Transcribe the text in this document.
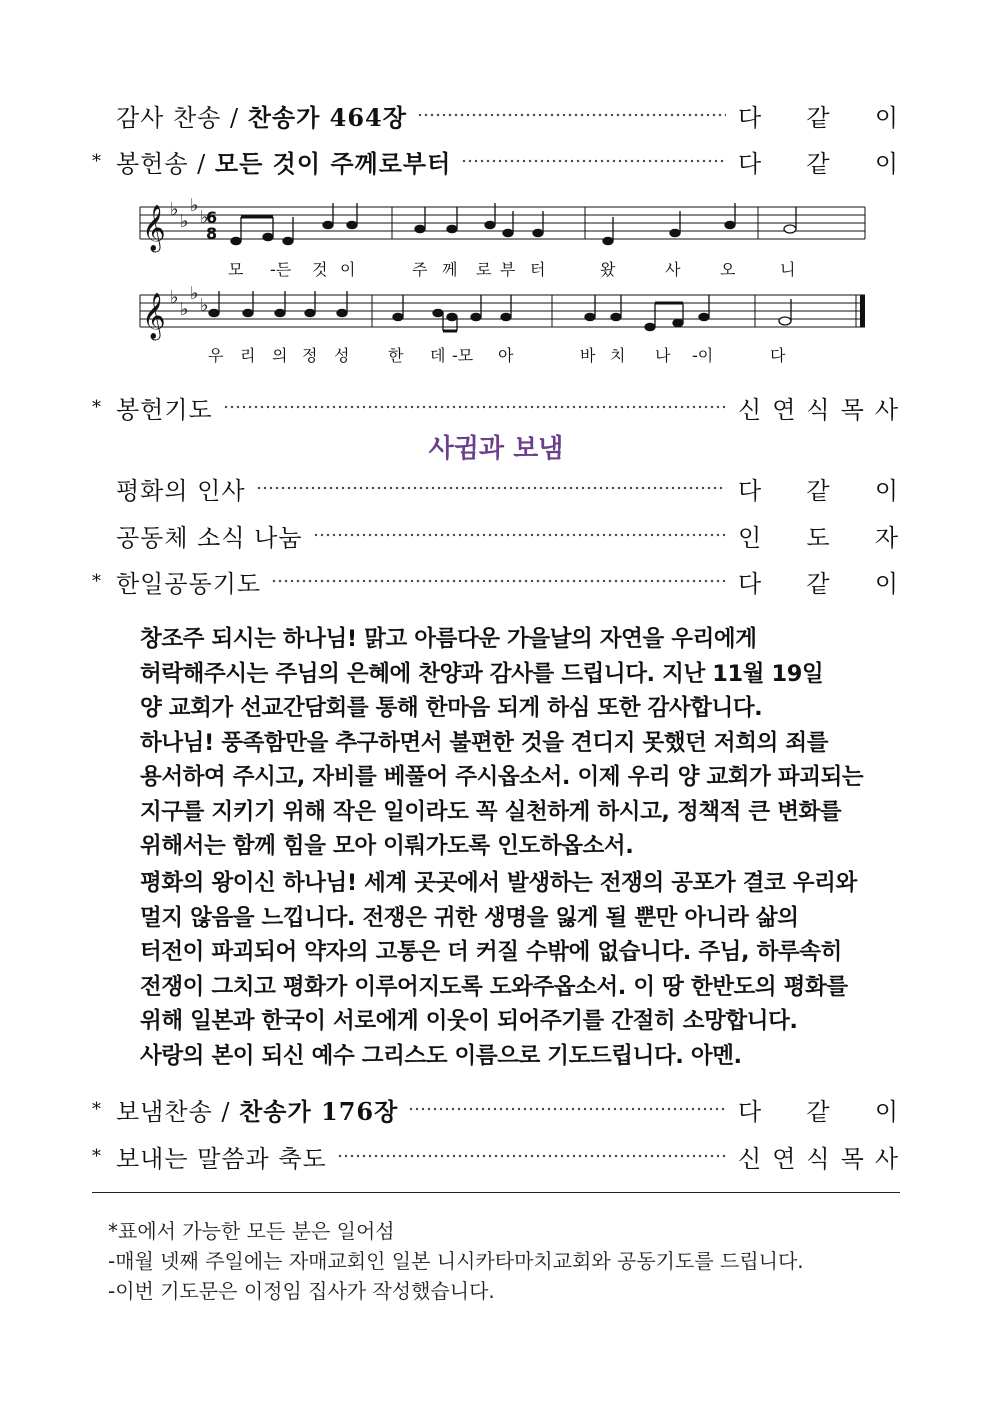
감사 찬송 / 찬송가 464장	다 같 이
* 봉헌송 / 모든 것이 주께로부터	다 같 이
𝄞
𝄞
♭
♭
♭
♭
♭
♭
♭
♭
6
8
모 -든 것 이	주 께 로 부 터	왔	사 오	니
우 리 의 정 성 한 데 -모 아	바 치 나 -이	다
* 봉헌기도	신 연 식 목 사
사귐과 보냄
평화의 인사	다 같 이
공동체 소식 나눔	인 도 자
* 한일공동기도	다 같 이
창조주 되시는 하나님! 맑고 아름다운 가을날의 자연을 우리에게
허락해주시는 주님의 은혜에 찬양과 감사를 드립니다. 지난 11월 19일
양 교회가 선교간담회를 통해 한마음 되게 하심 또한 감사합니다.
하나님! 풍족함만을 추구하면서 불편한 것을 견디지 못했던 저희의 죄를
용서하여 주시고, 자비를 베풀어 주시옵소서. 이제 우리 양 교회가 파괴되는
지구를 지키기 위해 작은 일이라도 꼭 실천하게 하시고, 정책적 큰 변화를
위해서는 함께 힘을 모아 이뤄가도록 인도하옵소서.
평화의 왕이신 하나님! 세계 곳곳에서 발생하는 전쟁의 공포가 결코 우리와
멀지 않음을 느낍니다. 전쟁은 귀한 생명을 잃게 될 뿐만 아니라 삶의
터전이 파괴되어 약자의 고통은 더 커질 수밖에 없습니다. 주님, 하루속히
전쟁이 그치고 평화가 이루어지도록 도와주옵소서. 이 땅 한반도의 평화를
위해 일본과 한국이 서로에게 이웃이 되어주기를 간절히 소망합니다.
사랑의 본이 되신 예수 그리스도 이름으로 기도드립니다. 아멘.
* 보냄찬송 / 찬송가 176장	다 같 이
* 보내는 말씀과 축도	신 연 식 목 사
*표에서 가능한 모든 분은 일어섬
-매월 넷째 주일에는 자매교회인 일본 니시카타마치교회와 공동기도를 드립니다.
-이번 기도문은 이정임 집사가 작성했습니다.
